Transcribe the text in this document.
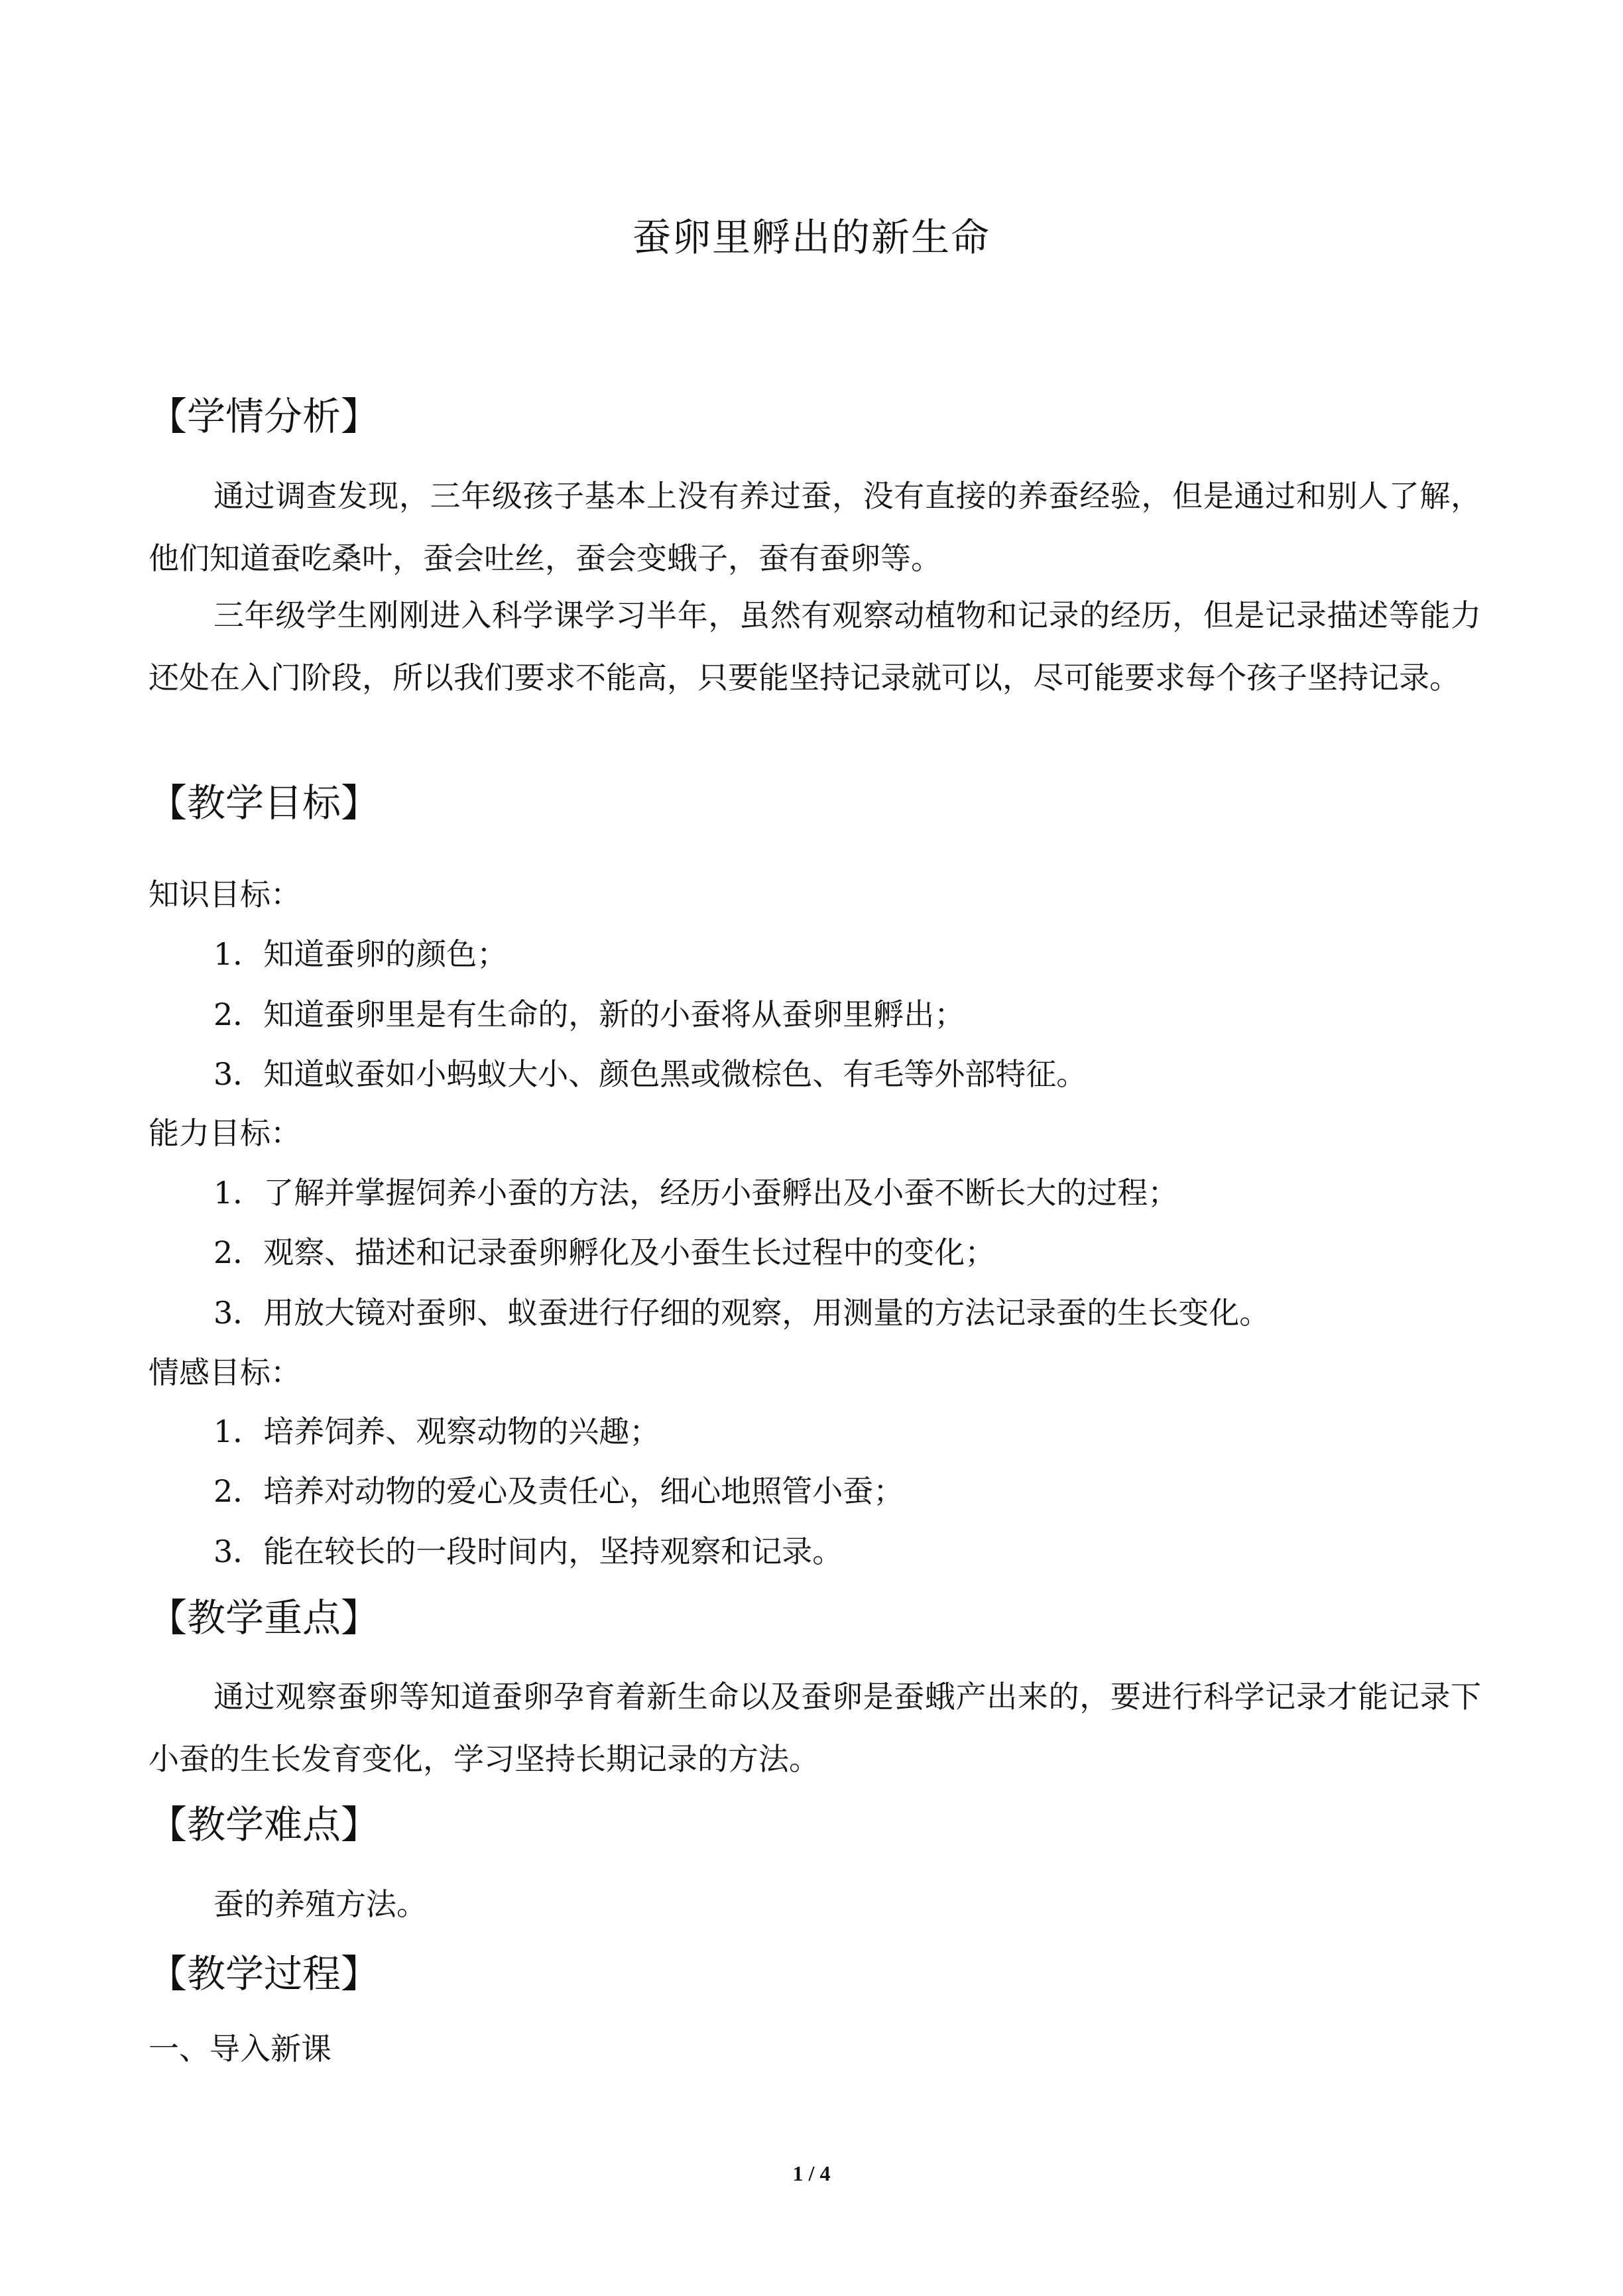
蚕卵里孵出的新生命
【学情分析】

通过调查发现，三年级孩子基本上没有养过蚕，没有直接的养蚕经验，但是通过和别人了解，他们知道蚕吃桑叶，蚕会吐丝，蚕会变蛾子，蚕有蚕卵等。

三年级学生刚刚进入科学课学习半年，虽然有观察动植物和记录的经历，但是记录描述等能力还处在入门阶段，所以我们要求不能高，只要能坚持记录就可以，尽可能要求每个孩子坚持记录。

【教学目标】
知识目标：
1．知道蚕卵的颜色；
2．知道蚕卵里是有生命的，新的小蚕将从蚕卵里孵出；
3．知道蚁蚕如小蚂蚁大小、颜色黑或微棕色、有毛等外部特征。
能力目标：
1．了解并掌握饲养小蚕的方法，经历小蚕孵出及小蚕不断长大的过程；
2．观察、描述和记录蚕卵孵化及小蚕生长过程中的变化；
3．用放大镜对蚕卵、蚁蚕进行仔细的观察，用测量的方法记录蚕的生长变化。
情感目标：
1．培养饲养、观察动物的兴趣；
2．培养对动物的爱心及责任心，细心地照管小蚕；
3．能在较长的一段时间内，坚持观察和记录。
【教学重点】

通过观察蚕卵等知道蚕卵孕育着新生命以及蚕卵是蚕蛾产出来的，要进行科学记录才能记录下小蚕的生长发育变化，学习坚持长期记录的方法。

【教学难点】

蚕的养殖方法。

【教学过程】
一、导入新课
1 / 4
